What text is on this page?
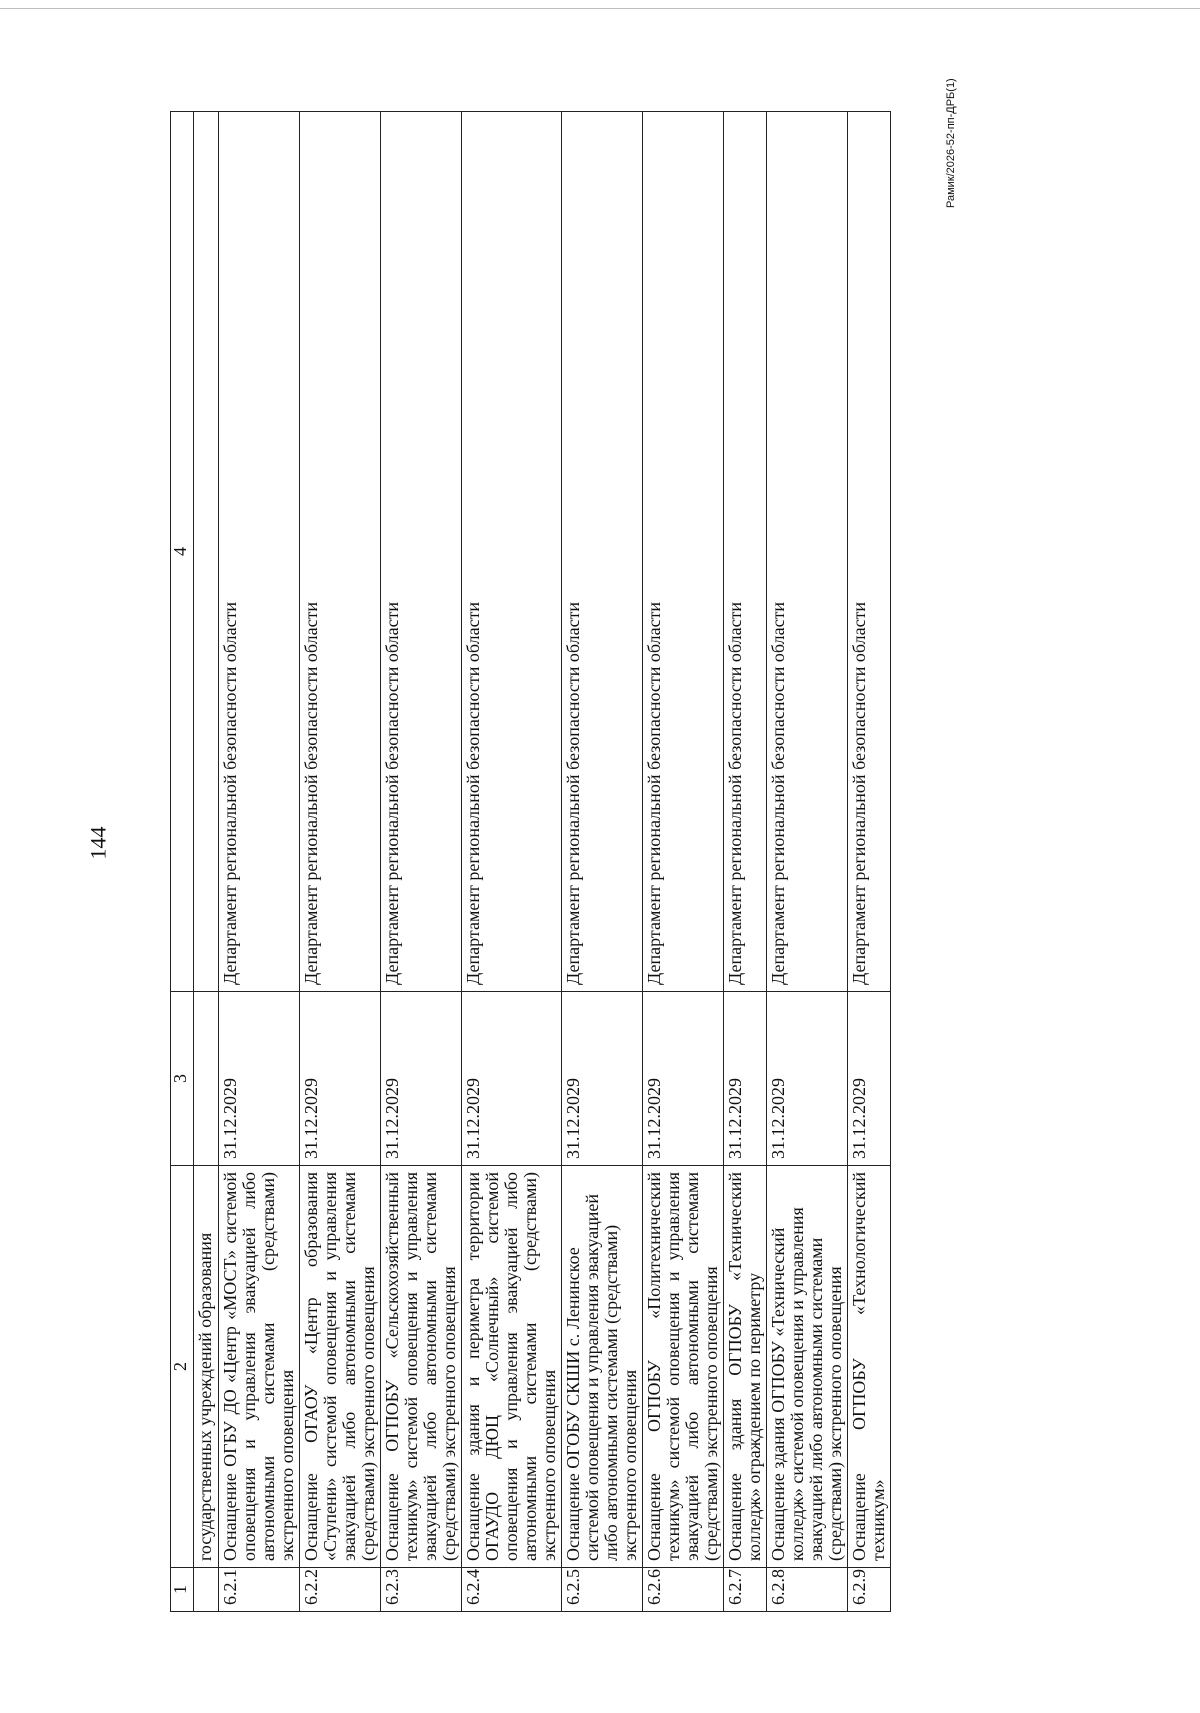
144
Рамик/2026-52-пп-ДРБ(1)
1	2	3	4
	государственных учреждений образования		
6.2.1	Оснащение ОГБУ ДО «Центр «МОСТ» системой оповещения и управления эвакуацией либо автономными системами (средствами) экстренного оповещения	31.12.2029	Департамент региональной безопасности области
6.2.2	Оснащение ОГАОУ «Центр образования «Ступени» системой оповещения и управления эвакуацией либо автономными системами (средствами) экстренного оповещения	31.12.2029	Департамент региональной безопасности области
6.2.3	Оснащение ОГПОБУ «Сельскохозяйственный техникум» системой оповещения и управления эвакуацией либо автономными системами (средствами) экстренного оповещения	31.12.2029	Департамент региональной безопасности области
6.2.4	Оснащение здания и периметра территории ОГАУДО ДЮЦ «Солнечный» системой оповещения и управления эвакуацией либо автономными системами (средствами) экстренного оповещения	31.12.2029	Департамент региональной безопасности области
6.2.5	Оснащение ОГОБУ СКШИ с. Ленинское системой оповещения и управления эвакуацией либо автономными системами (средствами) экстренного оповещения	31.12.2029	Департамент региональной безопасности области
6.2.6	Оснащение ОГПОБУ «Политехнический техникум» системой оповещения и управления эвакуацией либо автономными системами (средствами) экстренного оповещения	31.12.2029	Департамент региональной безопасности области
6.2.7	Оснащение здания ОГПОБУ «Технический колледж» ограждением по периметру	31.12.2029	Департамент региональной безопасности области
6.2.8	Оснащение здания ОГПОБУ «Технический колледж» системой оповещения и управления эвакуацией либо автономными системами (средствами) экстренного оповещения	31.12.2029	Департамент региональной безопасности области
6.2.9	Оснащение ОГПОБУ «Технологический техникум»	31.12.2029	Департамент региональной безопасности области
